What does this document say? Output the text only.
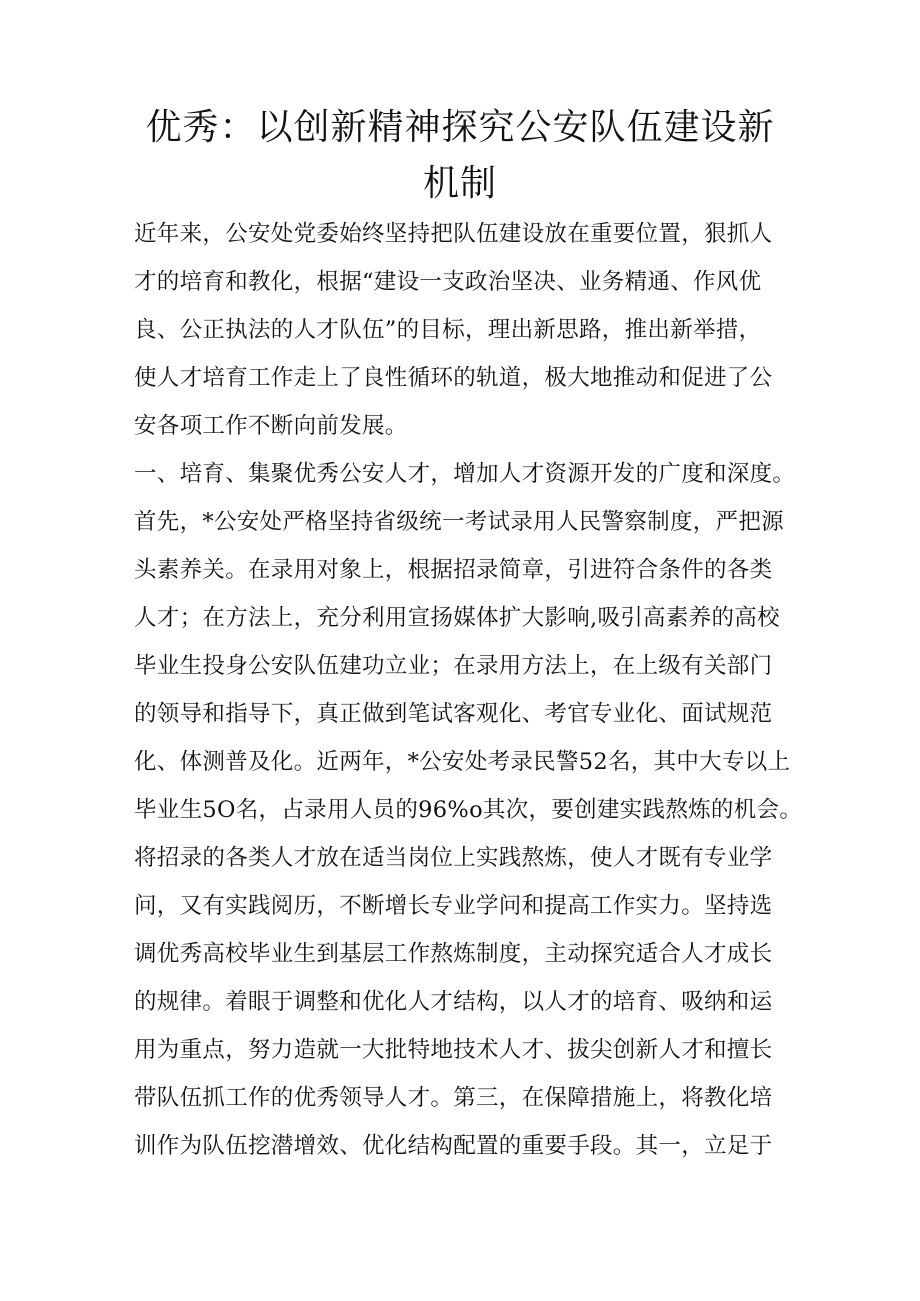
优秀：以创新精神探究公安队伍建设新
机制
近年来，公安处党委始终坚持把队伍建设放在重要位置，狠抓人
才的培育和教化，根据“建设一支政治坚决、业务精通、作风优
良、公正执法的人才队伍”的目标，理出新思路，推出新举措，
使人才培育工作走上了良性循环的轨道，极大地推动和促进了公
安各项工作不断向前发展。
一、培育、集聚优秀公安人才，增加人才资源开发的广度和深度。
首先，*公安处严格坚持省级统一考试录用人民警察制度，严把源
头素养关。在录用对象上，根据招录简章，引进符合条件的各类
人才；在方法上，充分利用宣扬媒体扩大影响,吸引高素养的高校
毕业生投身公安队伍建功立业；在录用方法上，在上级有关部门
的领导和指导下，真正做到笔试客观化、考官专业化、面试规范
化、体测普及化。近两年，*公安处考录民警52名，其中大专以上
毕业生5O名，占录用人员的96%o其次，要创建实践熬炼的机会。
将招录的各类人才放在适当岗位上实践熬炼，使人才既有专业学
问，又有实践阅历，不断增长专业学问和提高工作实力。坚持选
调优秀高校毕业生到基层工作熬炼制度，主动探究适合人才成长
的规律。着眼于调整和优化人才结构，以人才的培育、吸纳和运
用为重点，努力造就一大批特地技术人才、拔尖创新人才和擅长
带队伍抓工作的优秀领导人才。第三，在保障措施上，将教化培
训作为队伍挖潜增效、优化结构配置的重要手段。其一，立足于
